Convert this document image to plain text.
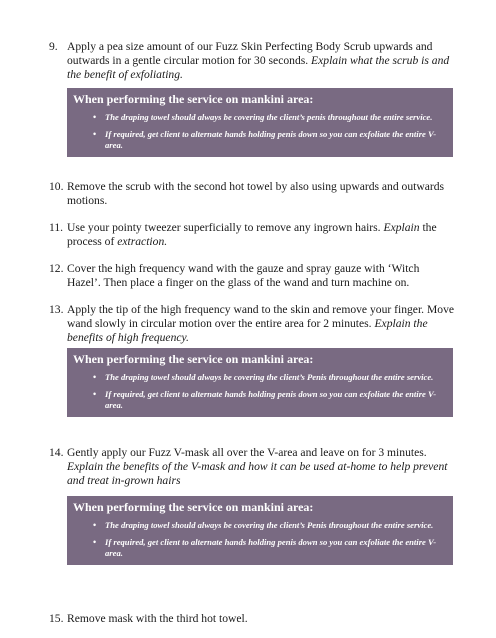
9. Apply a pea size amount of our Fuzz Skin Perfecting Body Scrub upwards and outwards in a gentle circular motion for 30 seconds. Explain what the scrub is and the benefit of exfoliating.
When performing the service on mankini area:
• The draping towel should always be covering the client’s penis throughout the entire service.
• If required, get client to alternate hands holding penis down so you can exfoliate the entire V-area.
10. Remove the scrub with the second hot towel by also using upwards and outwards motions.
11. Use your pointy tweezer superficially to remove any ingrown hairs. Explain the process of extraction.
12. Cover the high frequency wand with the gauze and spray gauze with ‘Witch Hazel’. Then place a finger on the glass of the wand and turn machine on.
13. Apply the tip of the high frequency wand to the skin and remove your finger. Move wand slowly in circular motion over the entire area for 2 minutes. Explain the benefits of high frequency.
When performing the service on mankini area:
• The draping towel should always be covering the client’s Penis throughout the entire service.
• If required, get client to alternate hands holding penis down so you can exfoliate the entire V-area.
14. Gently apply our Fuzz V-mask all over the V-area and leave on for 3 minutes. Explain the benefits of the V-mask and how it can be used at-home to help prevent and treat in-grown hairs
When performing the service on mankini area:
• The draping towel should always be covering the client’s Penis throughout the entire service.
• If required, get client to alternate hands holding penis down so you can exfoliate the entire V-area.
15. Remove mask with the third hot towel.
